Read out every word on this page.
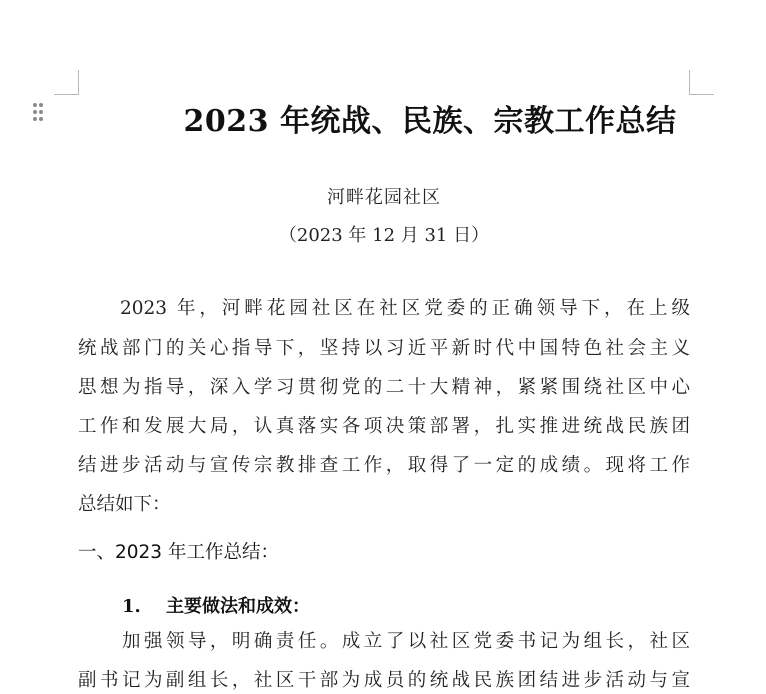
2023 年统战、民族、宗教工作总结
河畔花园社区
（2023 年 12 月 31 日）
2023 年，河畔花园社区在社区党委的正确领导下，在上级
统战部门的关心指导下，坚持以习近平新时代中国特色社会主义
思想为指导，深入学习贯彻党的二十大精神，紧紧围绕社区中心
工作和发展大局，认真落实各项决策部署，扎实推进统战民族团
结进步活动与宣传宗教排查工作，取得了一定的成绩。现将工作
总结如下：
一、2023 年工作总结：
1. 主要做法和成效：
加强领导，明确责任。成立了以社区党委书记为组长，社区
副书记为副组长，社区干部为成员的统战民族团结进步活动与宣
